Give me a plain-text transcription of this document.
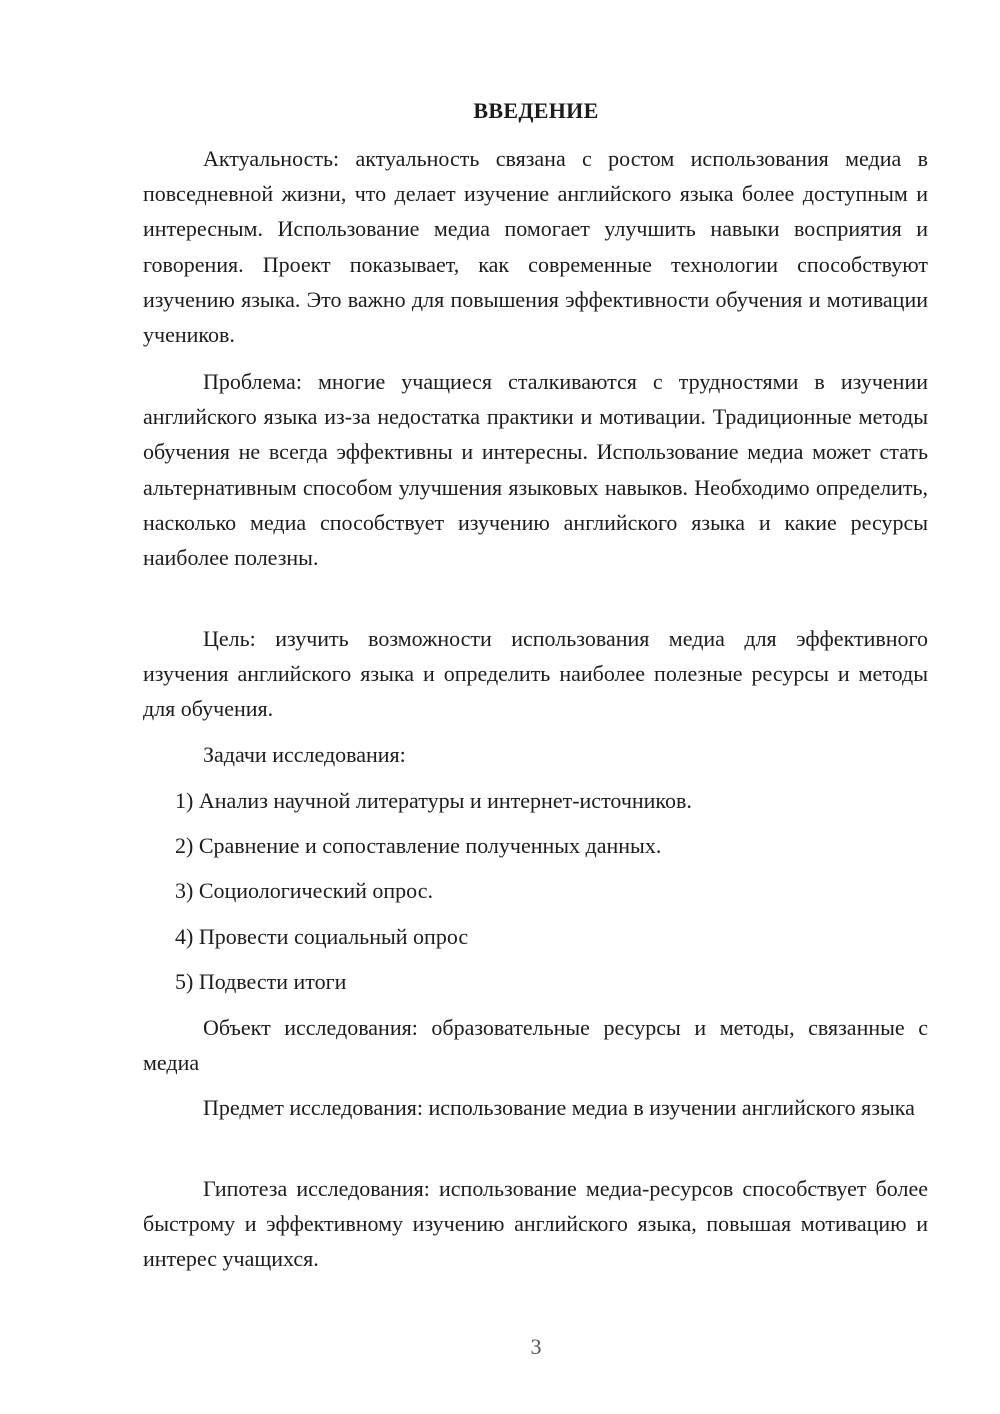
ВВЕДЕНИЕ

Актуальность: актуальность связана с ростом использования медиа в повседневной жизни, что делает изучение английского языка более доступным и интересным. Использование медиа помогает улучшить навыки восприятия и говорения. Проект показывает, как современные технологии способствуют изучению языка. Это важно для повышения эффективности обучения и мотивации учеников.

Проблема: многие учащиеся сталкиваются с трудностями в изучении английского языка из-за недостатка практики и мотивации. Традиционные методы обучения не всегда эффективны и интересны. Использование медиа может стать альтернативным способом улучшения языковых навыков. Необходимо определить, насколько медиа способствует изучению английского языка и какие ресурсы наиболее полезны.

Цель: изучить возможности использования медиа для эффективного изучения английского языка и определить наиболее полезные ресурсы и методы для обучения.

Задачи исследования:

1) Анализ научной литературы и интернет-источников.

2) Сравнение и сопоставление полученных данных.

3) Социологический опрос.

4) Провести социальный опрос

5) Подвести итоги

Объект исследования: образовательные ресурсы и методы, связанные с медиа

Предмет исследования: использование медиа в изучении английского языка

Гипотеза исследования: использование медиа-ресурсов способствует более быстрому и эффективному изучению английского языка, повышая мотивацию и интерес учащихся.

3
